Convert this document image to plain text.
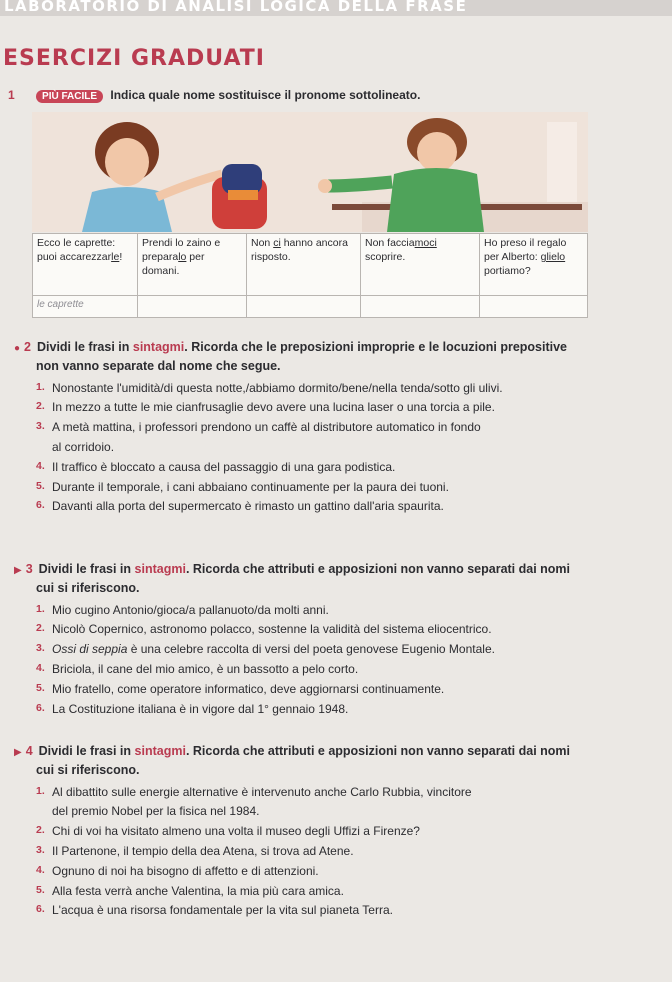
LABORATORIO DI ANALISI LOGICA DELLA FRASE
ESERCIZI GRADUATI
1	PIÙ FACILE Indica quale nome sostituisce il pronome sottolineato.
Ecco le caprette: puoi accarezzarle!	Prendi lo zaino e preparalo per domani.	Non ci hanno ancora risposto.	Non facciamoci scoprire.	Ho preso il regalo per Alberto: glielo portiamo?
le caprette				
● 2 Dividi le frasi in sintagmi. Ricorda che le preposizioni improprie e le locuzioni prepositive
non vanno separate dal nome che segue.
1. Nonostante l'umidità/di questa notte,/abbiamo dormito/bene/nella tenda/sotto gli ulivi.
2. In mezzo a tutte le mie cianfrusaglie devo avere una lucina laser o una torcia a pile.
3. A metà mattina, i professori prendono un caffè al distributore automatico in fondo
al corridoio.
4. Il traffico è bloccato a causa del passaggio di una gara podistica.
5. Durante il temporale, i cani abbaiano continuamente per la paura dei tuoni.
6. Davanti alla porta del supermercato è rimasto un gattino dall'aria spaurita.
▶ 3 Dividi le frasi in sintagmi. Ricorda che attributi e apposizioni non vanno separati dai nomi
cui si riferiscono.
1. Mio cugino Antonio/gioca/a pallanuoto/da molti anni.
2. Nicolò Copernico, astronomo polacco, sostenne la validità del sistema eliocentrico.
3. Ossi di seppia è una celebre raccolta di versi del poeta genovese Eugenio Montale.
4. Briciola, il cane del mio amico, è un bassotto a pelo corto.
5. Mio fratello, come operatore informatico, deve aggiornarsi continuamente.
6. La Costituzione italiana è in vigore dal 1° gennaio 1948.
▶ 4 Dividi le frasi in sintagmi. Ricorda che attributi e apposizioni non vanno separati dai nomi
cui si riferiscono.
1. Al dibattito sulle energie alternative è intervenuto anche Carlo Rubbia, vincitore
del premio Nobel per la fisica nel 1984.
2. Chi di voi ha visitato almeno una volta il museo degli Uffizi a Firenze?
3. Il Partenone, il tempio della dea Atena, si trova ad Atene.
4. Ognuno di noi ha bisogno di affetto e di attenzioni.
5. Alla festa verrà anche Valentina, la mia più cara amica.
6. L'acqua è una risorsa fondamentale per la vita sul pianeta Terra.
